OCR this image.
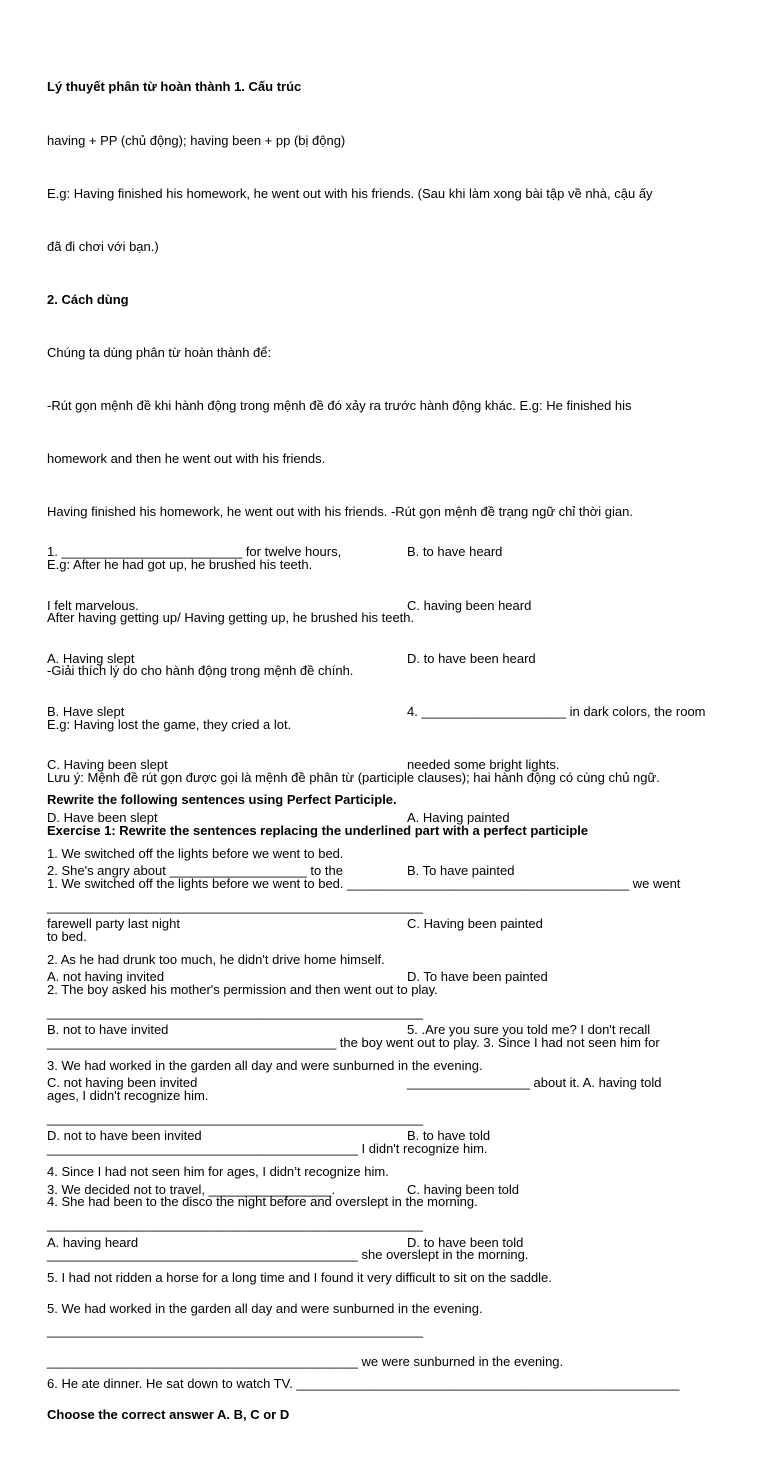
Lý thuyết phân từ hoàn thành 1. Cấu trúc

having + PP (chủ động); having been + pp (bị động)

E.g: Having finished his homework, he went out with his friends. (Sau khi làm xong bài tập về nhà, cậu ấy

đã đi chơi với bạn.)

2. Cách dùng

Chúng ta dùng phân từ hoàn thành để:

-Rút gọn mệnh đề khi hành động trong mệnh đề đó xảy ra trước hành động khác. E.g: He finished his

homework and then he went out with his friends.

Having finished his homework, he went out with his friends. -Rút gọn mệnh đề trạng ngữ chỉ thời gian.

E.g: After he had got up, he brushed his teeth.

After having getting up/ Having getting up, he brushed his teeth.

-Giải thích lý do cho hành động trong mệnh đề chính.

E.g: Having lost the game, they cried a lot.

Lưu ý: Mệnh đề rút gọn được gọi là mệnh đề phân từ (participle clauses); hai hành động có cùng chủ ngữ.

Exercise 1: Rewrite the sentences replacing the underlined part with a perfect participle

1. We switched off the lights before we went to bed. _______________________________________ we went

to bed.

2. The boy asked his mother's permission and then went out to play.

________________________________________ the boy went out to play. 3. Since I had not seen him for

ages, I didn't recognize him.

___________________________________________ I didn't recognize him.

4. She had been to the disco the night before and overslept in the morning.

___________________________________________ she overslept in the morning.

5. We had worked in the garden all day and were sunburned in the evening.

___________________________________________ we were sunburned in the evening.

Choose the correct answer A. B, C or D

1. _________________________ for twelve hours,

I felt marvelous.

A. Having slept

B. Have slept

C. Having been slept

D. Have been slept

2. She's angry about ___________________ to the

farewell party last night

A. not having invited

B. not to have invited

C. not having been invited

D. not to have been invited

3. We decided not to travel, _________________.

A. having heard

B. to have heard

C. having been heard

D. to have been heard

4. ____________________ in dark colors, the room

needed some bright lights.

A. Having painted

B. To have painted

C. Having been painted

D. To have been painted

5. .Are you sure you told me? I don't recall

_________________ about it. A. having told

B. to have told

C. having been told

D. to have been told

Rewrite the following sentences using Perfect Participle.

1. We switched off the lights before we went to bed.

____________________________________________________

2. As he had drunk too much, he didn't drive home himself.

____________________________________________________

3. We had worked in the garden all day and were sunburned in the evening.

____________________________________________________

4. Since I had not seen him for ages, I didn’t recognize him.

____________________________________________________

5. I had not ridden a horse for a long time and I found it very difficult to sit on the saddle.

____________________________________________________

6. He ate dinner. He sat down to watch TV. _____________________________________________________
